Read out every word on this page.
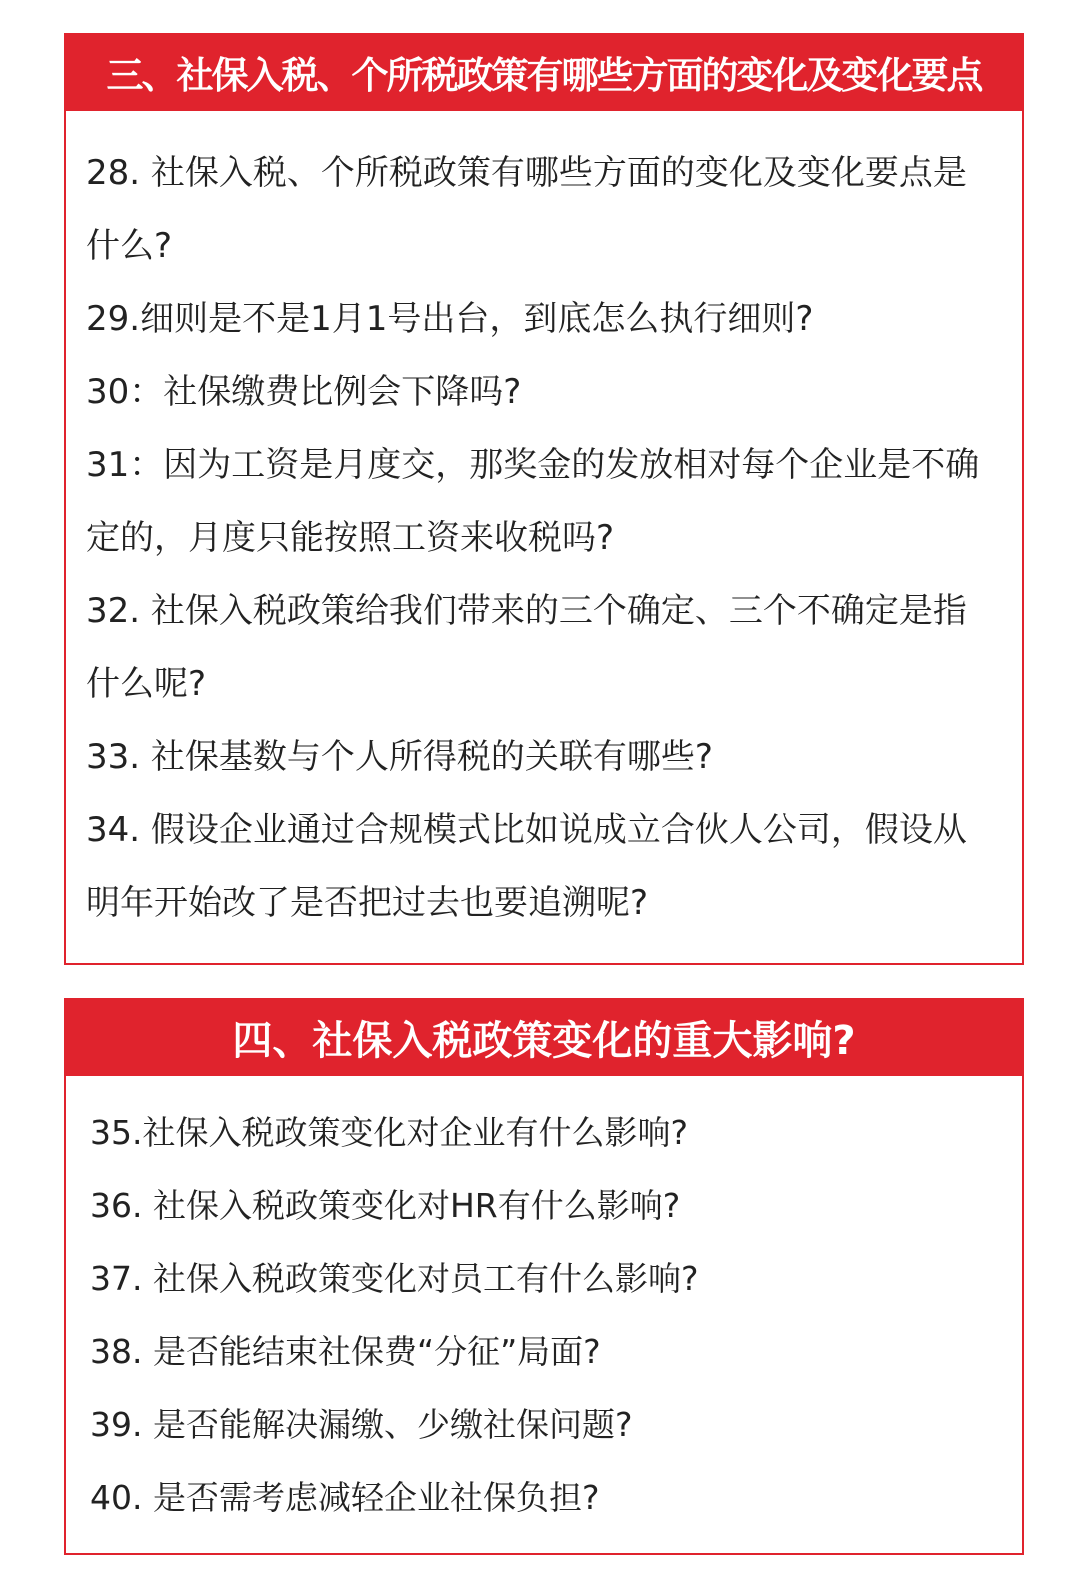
三、社保入税、个所税政策有哪些方面的变化及变化要点
28. 社保入税、个所税政策有哪些方面的变化及变化要点是什么?
29.细则是不是1月1号出台，到底怎么执行细则?
30：社保缴费比例会下降吗?
31：因为工资是月度交，那奖金的发放相对每个企业是不确定的，月度只能按照工资来收税吗?
32. 社保入税政策给我们带来的三个确定、三个不确定是指什么呢?
33. 社保基数与个人所得税的关联有哪些?
34. 假设企业通过合规模式比如说成立合伙人公司，假设从明年开始改了是否把过去也要追溯呢?
四、社保入税政策变化的重大影响?
35.社保入税政策变化对企业有什么影响?
36. 社保入税政策变化对HR有什么影响?
37. 社保入税政策变化对员工有什么影响?
38. 是否能结束社保费“分征”局面?
39. 是否能解决漏缴、少缴社保问题?
40. 是否需考虑减轻企业社保负担?
